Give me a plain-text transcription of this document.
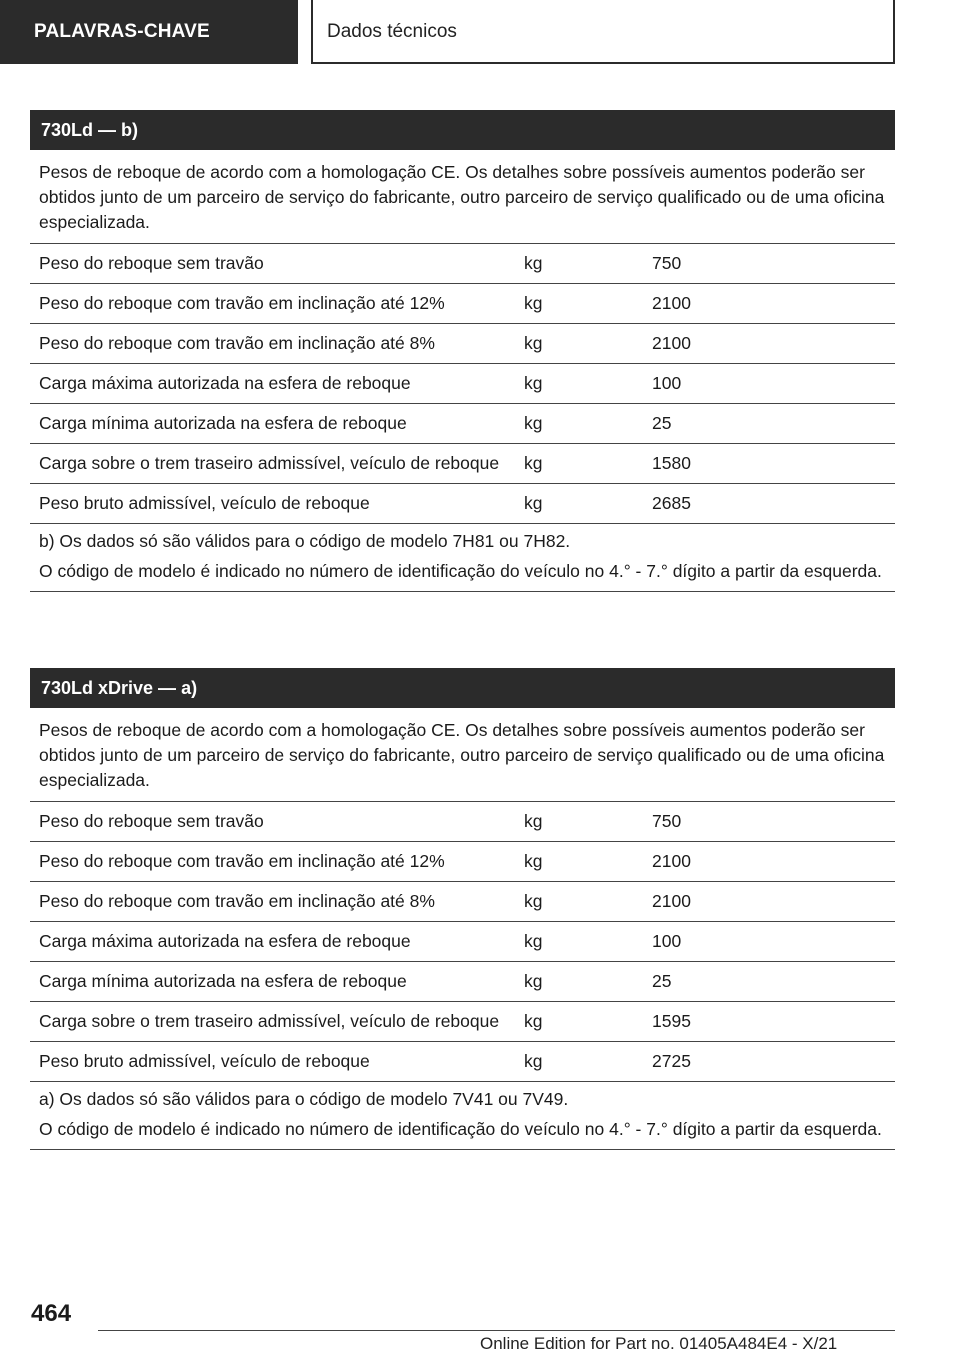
PALAVRAS-CHAVE	Dados técnicos
730Ld — b)
Pesos de reboque de acordo com a homologação CE. Os detalhes sobre possíveis aumentos poderão ser obtidos junto de um parceiro de serviço do fabricante, outro parceiro de serviço qualificado ou de uma oficina especializada.
Peso do reboque sem travão	kg	750
Peso do reboque com travão em inclinação até 12%	kg	2100
Peso do reboque com travão em inclinação até 8%	kg	2100
Carga máxima autorizada na esfera de reboque	kg	100
Carga mínima autorizada na esfera de reboque	kg	25
Carga sobre o trem traseiro admissível, veículo de reboque	kg	1580
Peso bruto admissível, veículo de reboque	kg	2685

b) Os dados só são válidos para o código de modelo 7H81 ou 7H82.

O código de modelo é indicado no número de identificação do veículo no 4.° - 7.° dígito a partir da esquerda.

730Ld xDrive — a)
Pesos de reboque de acordo com a homologação CE. Os detalhes sobre possíveis aumentos poderão ser obtidos junto de um parceiro de serviço do fabricante, outro parceiro de serviço qualificado ou de uma oficina especializada.
Peso do reboque sem travão	kg	750
Peso do reboque com travão em inclinação até 12%	kg	2100
Peso do reboque com travão em inclinação até 8%	kg	2100
Carga máxima autorizada na esfera de reboque	kg	100
Carga mínima autorizada na esfera de reboque	kg	25
Carga sobre o trem traseiro admissível, veículo de reboque	kg	1595
Peso bruto admissível, veículo de reboque	kg	2725

a) Os dados só são válidos para o código de modelo 7V41 ou 7V49.

O código de modelo é indicado no número de identificação do veículo no 4.° - 7.° dígito a partir da esquerda.

464
Online Edition for Part no. 01405A484E4 - X/21
